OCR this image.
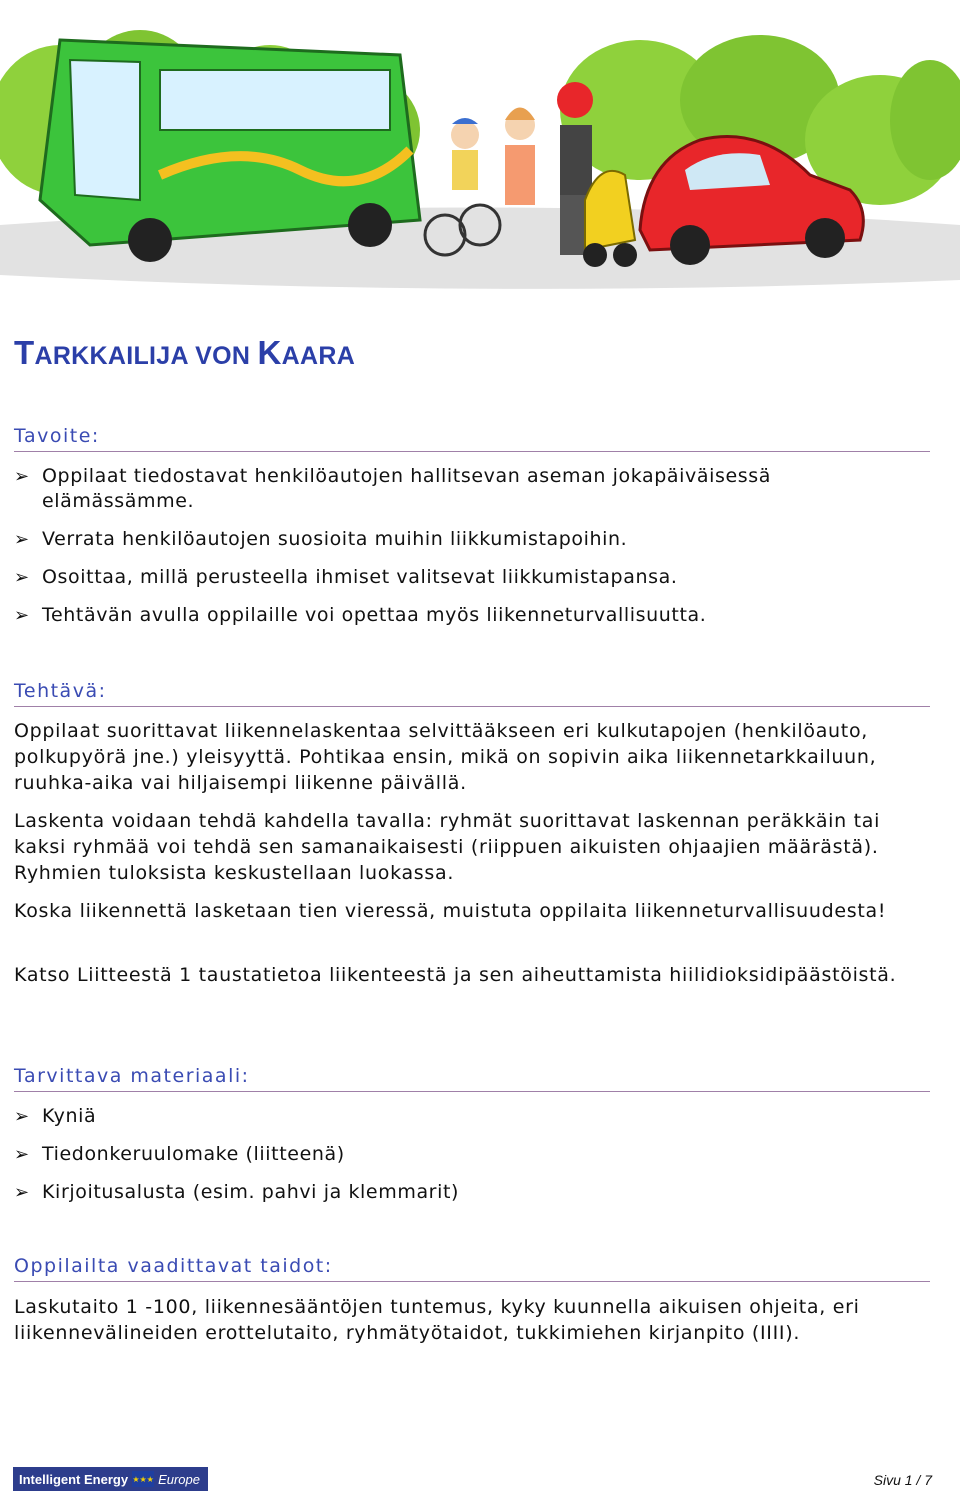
TARKKAILIJA VON KAARA
Tavoite:
➢ Oppilaat tiedostavat henkilöautojen hallitsevan aseman jokapäiväisessä elämässämme.
➢ Verrata henkilöautojen suosioita muihin liikkumistapoihin.
➢ Osoittaa, millä perusteella ihmiset valitsevat liikkumistapansa.
➢ Tehtävän avulla oppilaille voi opettaa myös liikenneturvallisuutta.
Tehtävä:

Oppilaat suorittavat liikennelaskentaa selvittääkseen eri kulkutapojen (henkilöauto, polkupyörä jne.) yleisyyttä. Pohtikaa ensin, mikä on sopivin aika liikennetarkkailuun, ruuhka-aika vai hiljaisempi liikenne päivällä.

Laskenta voidaan tehdä kahdella tavalla: ryhmät suorittavat laskennan peräkkäin tai kaksi ryhmää voi tehdä sen samanaikaisesti (riippuen aikuisten ohjaajien määrästä). Ryhmien tuloksista keskustellaan luokassa.

Koska liikennettä lasketaan tien vieressä, muistuta oppilaita liikenneturvallisuudesta!

Katso Liitteestä 1 taustatietoa liikenteestä ja sen aiheuttamista hiilidioksidipäästöistä.

Tarvittava materiaali:
➢ Kyniä
➢ Tiedonkeruulomake (liitteenä)
➢ Kirjoitusalusta (esim. pahvi ja klemmarit)
Oppilailta vaadittavat taidot:

Laskutaito 1 -100, liikennesääntöjen tuntemus, kyky kuunnella aikuisen ohjeita, eri liikennevälineiden erottelutaito, ryhmätyötaidot, tukkimiehen kirjanpito (IIII).

Intelligent Energy ★★★ Europe	Sivu 1 / 7
